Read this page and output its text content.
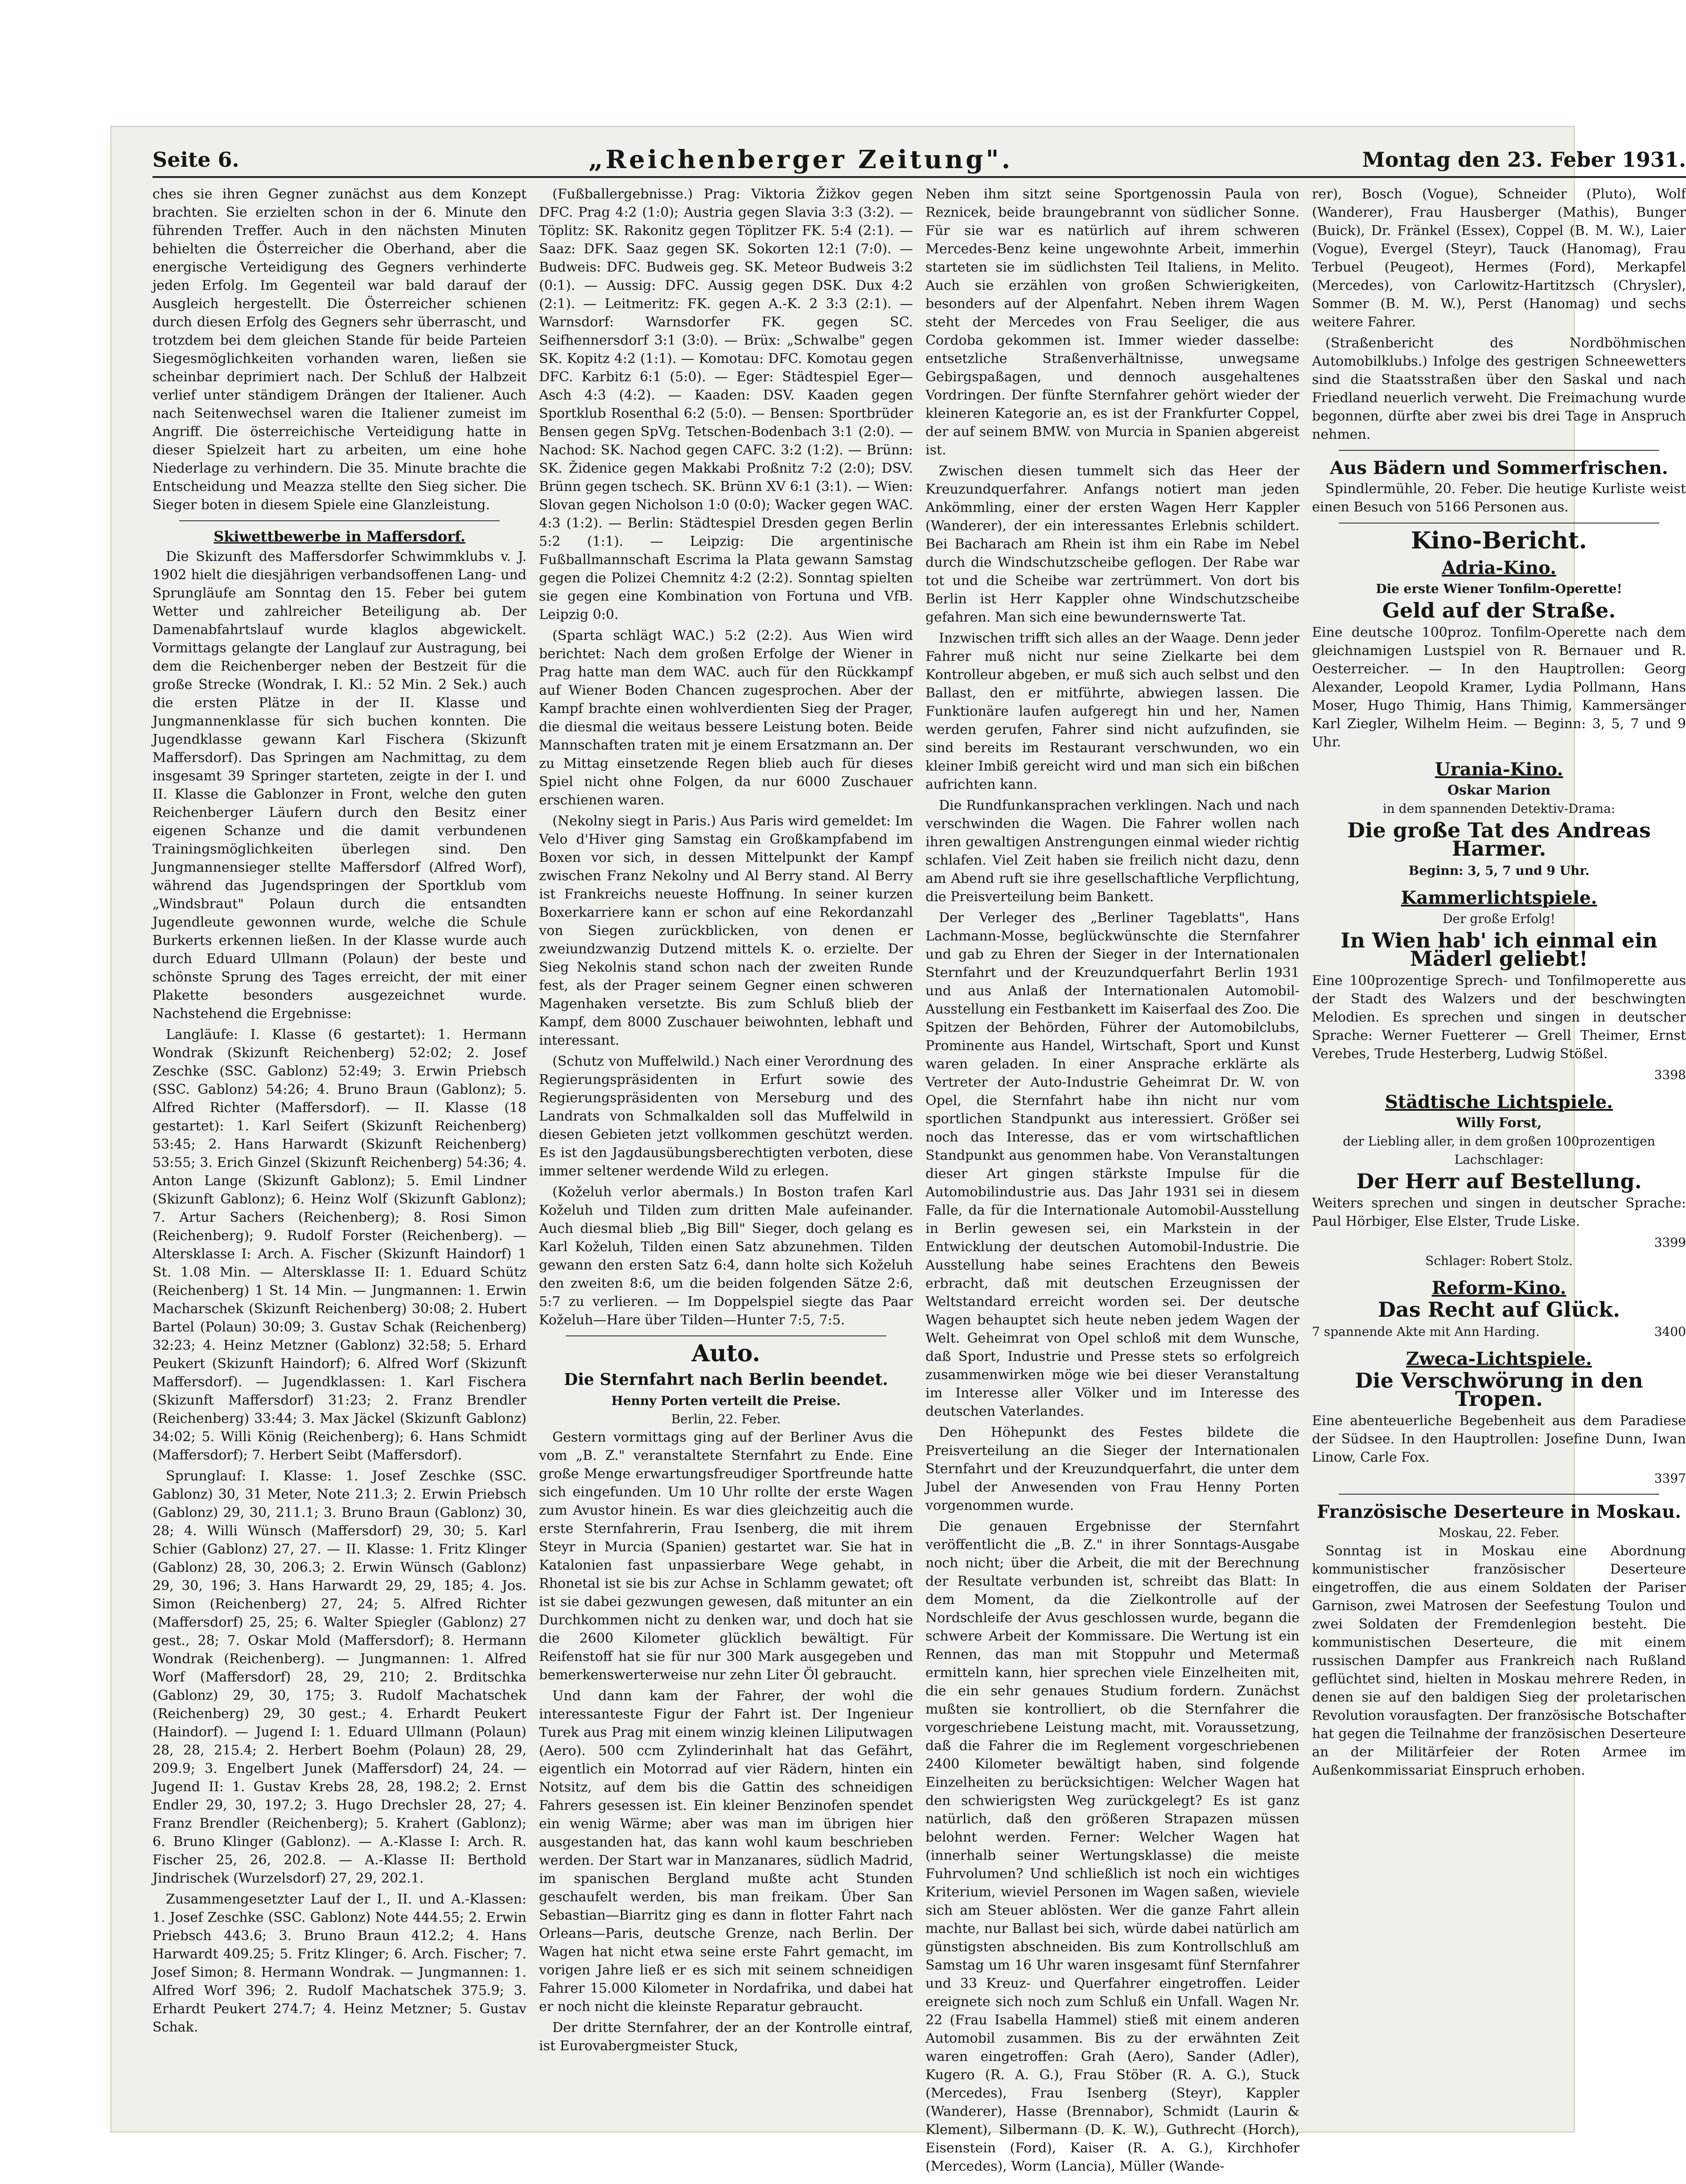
Seite 6.	„Reichenberger Zeitung".	Montag den 23. Feber 1931.

ches sie ihren Gegner zunächst aus dem Konzept brachten. Sie erzielten schon in der 6. Minute den führenden Treffer. Auch in den nächsten Minuten behielten die Österreicher die Oberhand, aber die energische Verteidigung des Gegners verhinderte jeden Erfolg. Im Gegenteil war bald darauf der Ausgleich hergestellt. Die Österreicher schienen durch diesen Erfolg des Gegners sehr überrascht, und trotzdem bei dem gleichen Stande für beide Parteien Siegesmöglichkeiten vorhanden waren, ließen sie scheinbar deprimiert nach. Der Schluß der Halbzeit verlief unter ständigem Drängen der Italiener. Auch nach Seitenwechsel waren die Italiener zumeist im Angriff. Die österreichische Verteidigung hatte in dieser Spielzeit hart zu arbeiten, um eine hohe Niederlage zu verhindern. Die 35. Minute brachte die Entscheidung und Meazza stellte den Sieg sicher. Die Sieger boten in diesem Spiele eine Glanzleistung.

Skiwettbewerbe in Maffersdorf.

Die Skizunft des Maffersdorfer Schwimmklubs v. J. 1902 hielt die diesjährigen verbandsoffenen Lang- und Sprungläufe am Sonntag den 15. Feber bei gutem Wetter und zahlreicher Beteiligung ab. Der Damenabfahrtslauf wurde klaglos abgewickelt. Vormittags gelangte der Langlauf zur Austragung, bei dem die Reichenberger neben der Bestzeit für die große Strecke (Wondrak, I. Kl.: 52 Min. 2 Sek.) auch die ersten Plätze in der II. Klasse und Jungmannenklasse für sich buchen konnten. Die Jugendklasse gewann Karl Fischera (Skizunft Maffersdorf). Das Springen am Nachmittag, zu dem insgesamt 39 Springer starteten, zeigte in der I. und II. Klasse die Gablonzer in Front, welche den guten Reichenberger Läufern durch den Besitz einer eigenen Schanze und die damit verbundenen Trainingsmöglichkeiten überlegen sind. Den Jungmannensieger stellte Maffersdorf (Alfred Worf), während das Jugendspringen der Sportklub vom „Windsbraut" Polaun durch die entsandten Jugendleute gewonnen wurde, welche die Schule Burkerts erkennen ließen. In der Klasse wurde auch durch Eduard Ullmann (Polaun) der beste und schönste Sprung des Tages erreicht, der mit einer Plakette besonders ausgezeichnet wurde. Nachstehend die Ergebnisse:

Langläufe: I. Klasse (6 gestartet): 1. Hermann Wondrak (Skizunft Reichenberg) 52:02; 2. Josef Zeschke (SSC. Gablonz) 52:49; 3. Erwin Priebsch (SSC. Gablonz) 54:26; 4. Bruno Braun (Gablonz); 5. Alfred Richter (Maffersdorf). — II. Klasse (18 gestartet): 1. Karl Seifert (Skizunft Reichenberg) 53:45; 2. Hans Harwardt (Skizunft Reichenberg) 53:55; 3. Erich Ginzel (Skizunft Reichenberg) 54:36; 4. Anton Lange (Skizunft Gablonz); 5. Emil Lindner (Skizunft Gablonz); 6. Heinz Wolf (Skizunft Gablonz); 7. Artur Sachers (Reichenberg); 8. Rosi Simon (Reichenberg); 9. Rudolf Forster (Reichenberg). — Altersklasse I: Arch. A. Fischer (Skizunft Haindorf) 1 St. 1.08 Min. — Altersklasse II: 1. Eduard Schütz (Reichenberg) 1 St. 14 Min. — Jungmannen: 1. Erwin Macharschek (Skizunft Reichenberg) 30:08; 2. Hubert Bartel (Polaun) 30:09; 3. Gustav Schak (Reichenberg) 32:23; 4. Heinz Metzner (Gablonz) 32:58; 5. Erhard Peukert (Skizunft Haindorf); 6. Alfred Worf (Skizunft Maffersdorf). — Jugendklassen: 1. Karl Fischera (Skizunft Maffersdorf) 31:23; 2. Franz Brendler (Reichenberg) 33:44; 3. Max Jäckel (Skizunft Gablonz) 34:02; 5. Willi König (Reichenberg); 6. Hans Schmidt (Maffersdorf); 7. Herbert Seibt (Maffersdorf).

Sprunglauf: I. Klasse: 1. Josef Zeschke (SSC. Gablonz) 30, 31 Meter, Note 211.3; 2. Erwin Priebsch (Gablonz) 29, 30, 211.1; 3. Bruno Braun (Gablonz) 30, 28; 4. Willi Wünsch (Maffersdorf) 29, 30; 5. Karl Schier (Gablonz) 27, 27. — II. Klasse: 1. Fritz Klinger (Gablonz) 28, 30, 206.3; 2. Erwin Wünsch (Gablonz) 29, 30, 196; 3. Hans Harwardt 29, 29, 185; 4. Jos. Simon (Reichenberg) 27, 24; 5. Alfred Richter (Maffersdorf) 25, 25; 6. Walter Spiegler (Gablonz) 27 gest., 28; 7. Oskar Mold (Maffersdorf); 8. Hermann Wondrak (Reichenberg). — Jungmannen: 1. Alfred Worf (Maffersdorf) 28, 29, 210; 2. Brditschka (Gablonz) 29, 30, 175; 3. Rudolf Machatschek (Reichenberg) 29, 30 gest.; 4. Erhardt Peukert (Haindorf). — Jugend I: 1. Eduard Ullmann (Polaun) 28, 28, 215.4; 2. Herbert Boehm (Polaun) 28, 29, 209.9; 3. Engelbert Junek (Maffersdorf) 24, 24. — Jugend II: 1. Gustav Krebs 28, 28, 198.2; 2. Ernst Endler 29, 30, 197.2; 3. Hugo Drechsler 28, 27; 4. Franz Brendler (Reichenberg); 5. Krahert (Gablonz); 6. Bruno Klinger (Gablonz). — A.-Klasse I: Arch. R. Fischer 25, 26, 202.8. — A.-Klasse II: Berthold Jindrischek (Wurzelsdorf) 27, 29, 202.1.

Zusammengesetzter Lauf der I., II. und A.-Klassen: 1. Josef Zeschke (SSC. Gablonz) Note 444.55; 2. Erwin Priebsch 443.6; 3. Bruno Braun 412.2; 4. Hans Harwardt 409.25; 5. Fritz Klinger; 6. Arch. Fischer; 7. Josef Simon; 8. Hermann Wondrak. — Jungmannen: 1. Alfred Worf 396; 2. Rudolf Machatschek 375.9; 3. Erhardt Peukert 274.7; 4. Heinz Metzner; 5. Gustav Schak.

(Fußballergebnisse.) Prag: Viktoria Žižkov gegen DFC. Prag 4:2 (1:0); Austria gegen Slavia 3:3 (3:2). — Töplitz: SK. Rakonitz gegen Töplitzer FK. 5:4 (2:1). — Saaz: DFK. Saaz gegen SK. Sokorten 12:1 (7:0). — Budweis: DFC. Budweis geg. SK. Meteor Budweis 3:2 (0:1). — Aussig: DFC. Aussig gegen DSK. Dux 4:2 (2:1). — Leitmeritz: FK. gegen A.-K. 2 3:3 (2:1). — Warnsdorf: Warnsdorfer FK. gegen SC. Seifhennersdorf 3:1 (3:0). — Brüx: „Schwalbe" gegen SK. Kopitz 4:2 (1:1). — Komotau: DFC. Komotau gegen DFC. Karbitz 6:1 (5:0). — Eger: Städtespiel Eger—Asch 4:3 (4:2). — Kaaden: DSV. Kaaden gegen Sportklub Rosenthal 6:2 (5:0). — Bensen: Sportbrüder Bensen gegen SpVg. Tetschen-Bodenbach 3:1 (2:0). — Nachod: SK. Nachod gegen CAFC. 3:2 (1:2). — Brünn: SK. Židenice gegen Makkabi Proßnitz 7:2 (2:0); DSV. Brünn gegen tschech. SK. Brünn XV 6:1 (3:1). — Wien: Slovan gegen Nicholson 1:0 (0:0); Wacker gegen WAC. 4:3 (1:2). — Berlin: Städtespiel Dresden gegen Berlin 5:2 (1:1). — Leipzig: Die argentinische Fußballmannschaft Escrima la Plata gewann Samstag gegen die Polizei Chemnitz 4:2 (2:2). Sonntag spielten sie gegen eine Kombination von Fortuna und VfB. Leipzig 0:0.

(Sparta schlägt WAC.) 5:2 (2:2). Aus Wien wird berichtet: Nach dem großen Erfolge der Wiener in Prag hatte man dem WAC. auch für den Rückkampf auf Wiener Boden Chancen zugesprochen. Aber der Kampf brachte einen wohlverdienten Sieg der Prager, die diesmal die weitaus bessere Leistung boten. Beide Mannschaften traten mit je einem Ersatzmann an. Der zu Mittag einsetzende Regen blieb auch für dieses Spiel nicht ohne Folgen, da nur 6000 Zuschauer erschienen waren.

(Nekolny siegt in Paris.) Aus Paris wird gemeldet: Im Velo d'Hiver ging Samstag ein Großkampfabend im Boxen vor sich, in dessen Mittelpunkt der Kampf zwischen Franz Nekolny und Al Berry stand. Al Berry ist Frankreichs neueste Hoffnung. In seiner kurzen Boxerkarriere kann er schon auf eine Rekordanzahl von Siegen zurückblicken, von denen er zweiundzwanzig Dutzend mittels K. o. erzielte. Der Sieg Nekolnis stand schon nach der zweiten Runde fest, als der Prager seinem Gegner einen schweren Magenhaken versetzte. Bis zum Schluß blieb der Kampf, dem 8000 Zuschauer beiwohnten, lebhaft und interessant.

(Schutz von Muffelwild.) Nach einer Verordnung des Regierungspräsidenten in Erfurt sowie des Regierungspräsidenten von Merseburg und des Landrats von Schmalkalden soll das Muffelwild in diesen Gebieten jetzt vollkommen geschützt werden. Es ist den Jagdausübungsberechtigten verboten, diese immer seltener werdende Wild zu erlegen.

(Koželuh verlor abermals.) In Boston trafen Karl Koželuh und Tilden zum dritten Male aufeinander. Auch diesmal blieb „Big Bill" Sieger, doch gelang es Karl Koželuh, Tilden einen Satz abzunehmen. Tilden gewann den ersten Satz 6:4, dann holte sich Koželuh den zweiten 8:6, um die beiden folgenden Sätze 2:6, 5:7 zu verlieren. — Im Doppelspiel siegte das Paar Koželuh—Hare über Tilden—Hunter 7:5, 7:5.

Auto.
Die Sternfahrt nach Berlin beendet.
Henny Porten verteilt die Preise.
Berlin, 22. Feber.

Gestern vormittags ging auf der Berliner Avus die vom „B. Z." veranstaltete Sternfahrt zu Ende. Eine große Menge erwartungsfreudiger Sportfreunde hatte sich eingefunden. Um 10 Uhr rollte der erste Wagen zum Avustor hinein. Es war dies gleichzeitig auch die erste Sternfahrerin, Frau Isenberg, die mit ihrem Steyr in Murcia (Spanien) gestartet war. Sie hat in Katalonien fast unpassierbare Wege gehabt, in Rhonetal ist sie bis zur Achse in Schlamm gewatet; oft ist sie dabei gezwungen gewesen, daß mitunter an ein Durchkommen nicht zu denken war, und doch hat sie die 2600 Kilometer glücklich bewältigt. Für Reifenstoff hat sie für nur 300 Mark ausgegeben und bemerkenswerterweise nur zehn Liter Öl gebraucht.

Und dann kam der Fahrer, der wohl die interessanteste Figur der Fahrt ist. Der Ingenieur Turek aus Prag mit einem winzig kleinen Liliputwagen (Aero). 500 ccm Zylinderinhalt hat das Gefährt, eigentlich ein Motorrad auf vier Rädern, hinten ein Notsitz, auf dem bis die Gattin des schneidigen Fahrers gesessen ist. Ein kleiner Benzinofen spendet ein wenig Wärme; aber was man im übrigen hier ausgestanden hat, das kann wohl kaum beschrieben werden. Der Start war in Manzanares, südlich Madrid, im spanischen Bergland mußte acht Stunden geschaufelt werden, bis man freikam. Über San Sebastian—Biarritz ging es dann in flotter Fahrt nach Orleans—Paris, deutsche Grenze, nach Berlin. Der Wagen hat nicht etwa seine erste Fahrt gemacht, im vorigen Jahre ließ er es sich mit seinem schneidigen Fahrer 15.000 Kilometer in Nordafrika, und dabei hat er noch nicht die kleinste Reparatur gebraucht.

Der dritte Sternfahrer, der an der Kontrolle eintraf, ist Eurovabergmeister Stuck,

Neben ihm sitzt seine Sportgenossin Paula von Reznicek, beide braungebrannt von südlicher Sonne. Für sie war es natürlich auf ihrem schweren Mercedes-Benz keine ungewohnte Arbeit, immerhin starteten sie im südlichsten Teil Italiens, in Melito. Auch sie erzählen von großen Schwierigkeiten, besonders auf der Alpenfahrt. Neben ihrem Wagen steht der Mercedes von Frau Seeliger, die aus Cordoba gekommen ist. Immer wieder dasselbe: entsetzliche Straßenverhältnisse, unwegsame Gebirgspaßagen, und dennoch ausgehaltenes Vordringen. Der fünfte Sternfahrer gehört wieder der kleineren Kategorie an, es ist der Frankfurter Coppel, der auf seinem BMW. von Murcia in Spanien abgereist ist.

Zwischen diesen tummelt sich das Heer der Kreuzundquerfahrer. Anfangs notiert man jeden Ankömmling, einer der ersten Wagen Herr Kappler (Wanderer), der ein interessantes Erlebnis schildert. Bei Bacharach am Rhein ist ihm ein Rabe im Nebel durch die Windschutzscheibe geflogen. Der Rabe war tot und die Scheibe war zertrümmert. Von dort bis Berlin ist Herr Kappler ohne Windschutzscheibe gefahren. Man sich eine bewundernswerte Tat.

Inzwischen trifft sich alles an der Waage. Denn jeder Fahrer muß nicht nur seine Zielkarte bei dem Kontrolleur abgeben, er muß sich auch selbst und den Ballast, den er mitführte, abwiegen lassen. Die Funktionäre laufen aufgeregt hin und her, Namen werden gerufen, Fahrer sind nicht aufzufinden, sie sind bereits im Restaurant verschwunden, wo ein kleiner Imbiß gereicht wird und man sich ein bißchen aufrichten kann.

Die Rundfunkansprachen verklingen. Nach und nach verschwinden die Wagen. Die Fahrer wollen nach ihren gewaltigen Anstrengungen einmal wieder richtig schlafen. Viel Zeit haben sie freilich nicht dazu, denn am Abend ruft sie ihre gesellschaftliche Verpflichtung, die Preisverteilung beim Bankett.

Der Verleger des „Berliner Tageblatts", Hans Lachmann-Mosse, beglückwünschte die Sternfahrer und gab zu Ehren der Sieger in der Internationalen Sternfahrt und der Kreuzundquerfahrt Berlin 1931 und aus Anlaß der Internationalen Automobil-Ausstellung ein Festbankett im Kaiserfaal des Zoo. Die Spitzen der Behörden, Führer der Automobilclubs, Prominente aus Handel, Wirtschaft, Sport und Kunst waren geladen. In einer Ansprache erklärte als Vertreter der Auto-Industrie Geheimrat Dr. W. von Opel, die Sternfahrt habe ihn nicht nur vom sportlichen Standpunkt aus interessiert. Größer sei noch das Interesse, das er vom wirtschaftlichen Standpunkt aus genommen habe. Von Veranstaltungen dieser Art gingen stärkste Impulse für die Automobilindustrie aus. Das Jahr 1931 sei in diesem Falle, da für die Internationale Automobil-Ausstellung in Berlin gewesen sei, ein Markstein in der Entwicklung der deutschen Automobil-Industrie. Die Ausstellung habe seines Erachtens den Beweis erbracht, daß mit deutschen Erzeugnissen der Weltstandard erreicht worden sei. Der deutsche Wagen behauptet sich heute neben jedem Wagen der Welt. Geheimrat von Opel schloß mit dem Wunsche, daß Sport, Industrie und Presse stets so erfolgreich zusammenwirken möge wie bei dieser Veranstaltung im Interesse aller Völker und im Interesse des deutschen Vaterlandes.

Den Höhepunkt des Festes bildete die Preisverteilung an die Sieger der Internationalen Sternfahrt und der Kreuzundquerfahrt, die unter dem Jubel der Anwesenden von Frau Henny Porten vorgenommen wurde.

Die genauen Ergebnisse der Sternfahrt veröffentlicht die „B. Z." in ihrer Sonntags-Ausgabe noch nicht; über die Arbeit, die mit der Berechnung der Resultate verbunden ist, schreibt das Blatt: In dem Moment, da die Zielkontrolle auf der Nordschleife der Avus geschlossen wurde, begann die schwere Arbeit der Kommissare. Die Wertung ist ein Rennen, das man mit Stoppuhr und Metermaß ermitteln kann, hier sprechen viele Einzelheiten mit, die ein sehr genaues Studium fordern. Zunächst mußten sie kontrolliert, ob die Sternfahrer die vorgeschriebene Leistung macht, mit. Voraussetzung, daß die Fahrer die im Reglement vorgeschriebenen 2400 Kilometer bewältigt haben, sind folgende Einzelheiten zu berücksichtigen: Welcher Wagen hat den schwierigsten Weg zurückgelegt? Es ist ganz natürlich, daß den größeren Strapazen müssen belohnt werden. Ferner: Welcher Wagen hat (innerhalb seiner Wertungsklasse) die meiste Fuhrvolumen? Und schließlich ist noch ein wichtiges Kriterium, wieviel Personen im Wagen saßen, wieviele sich am Steuer ablösten. Wer die ganze Fahrt allein machte, nur Ballast bei sich, würde dabei natürlich am günstigsten abschneiden. Bis zum Kontrollschluß am Samstag um 16 Uhr waren insgesamt fünf Sternfahrer und 33 Kreuz- und Querfahrer eingetroffen. Leider ereignete sich noch zum Schluß ein Unfall. Wagen Nr. 22 (Frau Isabella Hammel) stieß mit einem anderen Automobil zusammen. Bis zu der erwähnten Zeit waren eingetroffen: Grah (Aero), Sander (Adler), Kugero (R. A. G.), Frau Stöber (R. A. G.), Stuck (Mercedes), Frau Isenberg (Steyr), Kappler (Wanderer), Hasse (Brennabor), Schmidt (Laurin & Klement), Silbermann (D. K. W.), Guthrecht (Horch), Eisenstein (Ford), Kaiser (R. A. G.), Kirchhofer (Mercedes), Worm (Lancia), Müller (Wande-

rer), Bosch (Vogue), Schneider (Pluto), Wolf (Wanderer), Frau Hausberger (Mathis), Bunger (Buick), Dr. Fränkel (Essex), Coppel (B. M. W.), Laier (Vogue), Evergel (Steyr), Tauck (Hanomag), Frau Terbuel (Peugeot), Hermes (Ford), Merkapfel (Mercedes), von Carlowitz-Hartitzsch (Chrysler), Sommer (B. M. W.), Perst (Hanomag) und sechs weitere Fahrer.

(Straßenbericht des Nordböhmischen Automobilklubs.) Infolge des gestrigen Schneewetters sind die Staatsstraßen über den Saskal und nach Friedland neuerlich verweht. Die Freimachung wurde begonnen, dürfte aber zwei bis drei Tage in Anspruch nehmen.

Aus Bädern und Sommerfrischen.

Spindlermühle, 20. Feber. Die heutige Kurliste weist einen Besuch von 5166 Personen aus.

Kino-Bericht.
Adria-Kino.
Die erste Wiener Tonfilm-Operette!
Geld auf der Straße.

Eine deutsche 100proz. Tonfilm-Operette nach dem gleichnamigen Lustspiel von R. Bernauer und R. Oesterreicher. — In den Hauptrollen: Georg Alexander, Leopold Kramer, Lydia Pollmann, Hans Moser, Hugo Thimig, Hans Thimig, Kammersänger Karl Ziegler, Wilhelm Heim. — Beginn: 3, 5, 7 und 9 Uhr.

Urania-Kino.
Oskar Marion
in dem spannenden Detektiv-Drama:
Die große Tat des Andreas Harmer.
Beginn: 3, 5, 7 und 9 Uhr.
Kammerlichtspiele.
Der große Erfolg!
In Wien hab' ich einmal ein Mäderl geliebt!

Eine 100prozentige Sprech- und Tonfilmoperette aus der Stadt des Walzers und der beschwingten Melodien. Es sprechen und singen in deutscher Sprache: Werner Fuetterer — Grell Theimer, Ernst Verebes, Trude Hesterberg, Ludwig Stößel.

3398
Städtische Lichtspiele.
Willy Forst,
der Liebling aller, in dem großen 100prozentigen Lachschlager:
Der Herr auf Bestellung.

Weiters sprechen und singen in deutscher Sprache: Paul Hörbiger, Else Elster, Trude Liske.

3399
Schlager: Robert Stolz.
Reform-Kino.
Das Recht auf Glück.
7 spannende Akte mit Ann Harding.	3400
Zweca-Lichtspiele.
Die Verschwörung in den Tropen.

Eine abenteuerliche Begebenheit aus dem Paradiese der Südsee. In den Hauptrollen: Josefine Dunn, Iwan Linow, Carle Fox.

3397
Französische Deserteure in Moskau.
Moskau, 22. Feber.

Sonntag ist in Moskau eine Abordnung kommunistischer französischer Deserteure eingetroffen, die aus einem Soldaten der Pariser Garnison, zwei Matrosen der Seefestung Toulon und zwei Soldaten der Fremdenlegion besteht. Die kommunistischen Deserteure, die mit einem russischen Dampfer aus Frankreich nach Rußland geflüchtet sind, hielten in Moskau mehrere Reden, in denen sie auf den baldigen Sieg der proletarischen Revolution vorausfagten. Der französische Botschafter hat gegen die Teilnahme der französischen Deserteure an der Militärfeier der Roten Armee im Außenkommissariat Einspruch erhoben.
